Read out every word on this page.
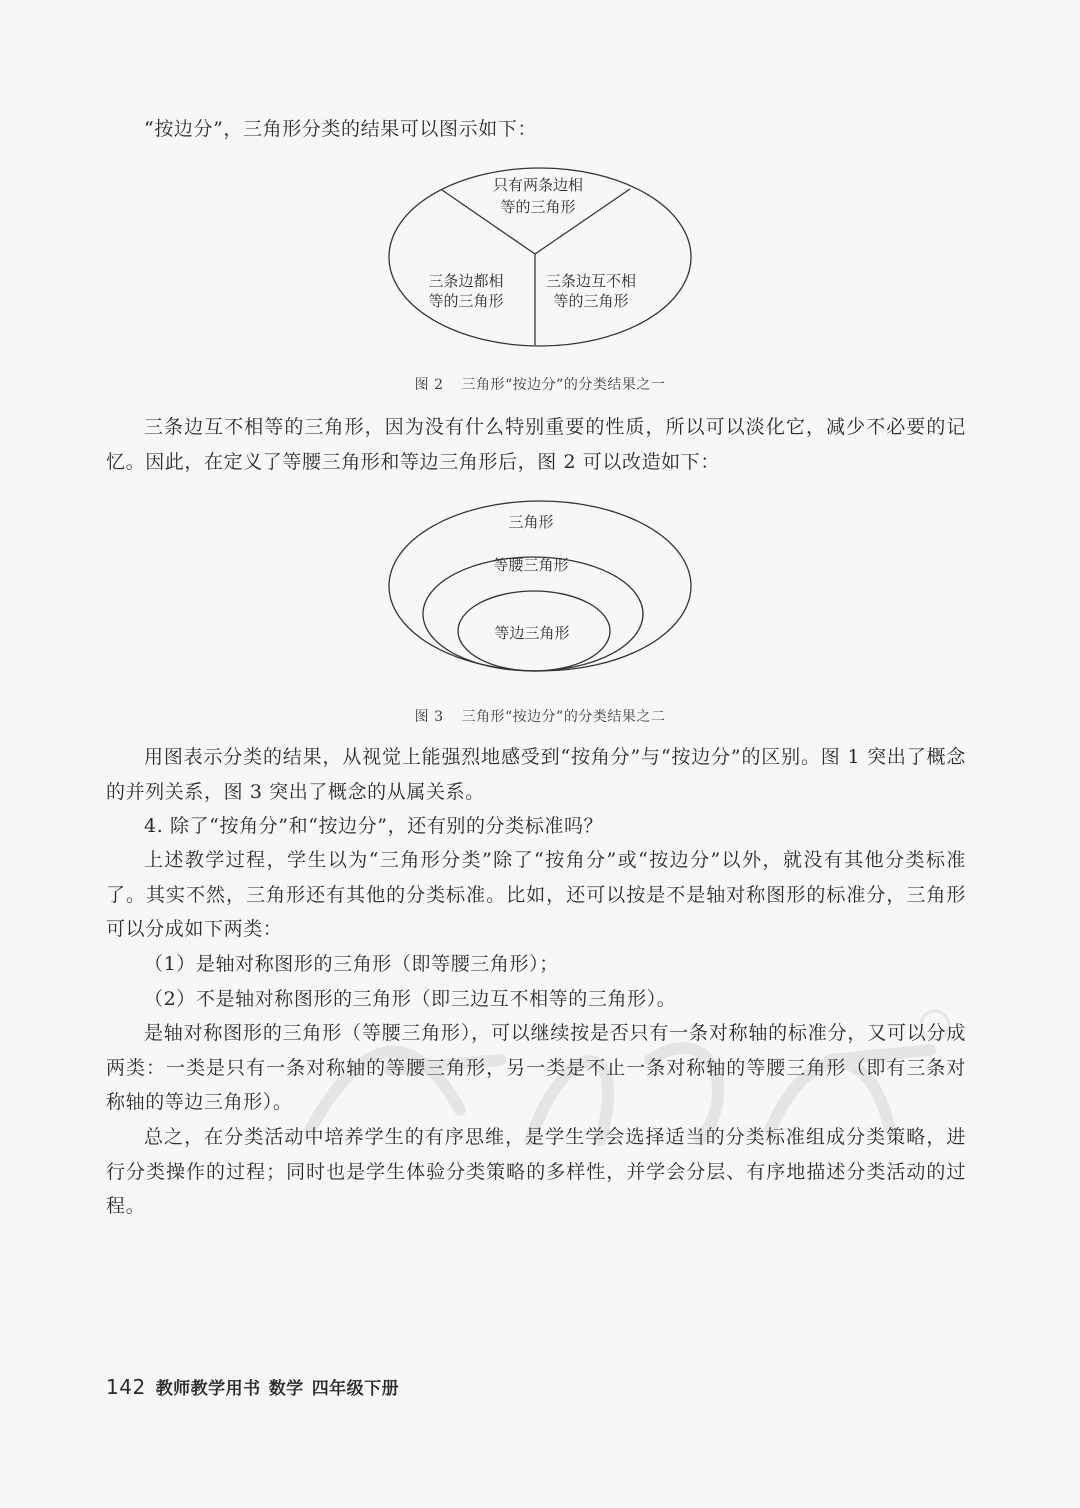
“按边分”，三角形分类的结果可以图示如下：

只有两条边相
等的三角形
三条边都相
等的三角形
三条边互不相
等的三角形
图 2 三角形“按边分”的分类结果之一

三条边互不相等的三角形，因为没有什么特别重要的性质，所以可以淡化它，减少不必要的记忆。因此，在定义了等腰三角形和等边三角形后，图 2 可以改造如下：

三角形
等腰三角形
等边三角形
图 3 三角形“按边分”的分类结果之二

用图表示分类的结果，从视觉上能强烈地感受到“按角分”与“按边分”的区别。图 1 突出了概念的并列关系，图 3 突出了概念的从属关系。

4. 除了“按角分”和“按边分”，还有别的分类标准吗？

上述教学过程，学生以为“三角形分类”除了“按角分”或“按边分”以外，就没有其他分类标准了。其实不然，三角形还有其他的分类标准。比如，还可以按是不是轴对称图形的标准分，三角形可以分成如下两类：

（1）是轴对称图形的三角形（即等腰三角形）；

（2）不是轴对称图形的三角形（即三边互不相等的三角形）。

是轴对称图形的三角形（等腰三角形），可以继续按是否只有一条对称轴的标准分，又可以分成两类：一类是只有一条对称轴的等腰三角形，另一类是不止一条对称轴的等腰三角形（即有三条对称轴的等边三角形）。

总之，在分类活动中培养学生的有序思维，是学生学会选择适当的分类标准组成分类策略，进行分类操作的过程；同时也是学生体验分类策略的多样性，并学会分层、有序地描述分类活动的过程。

142 教师教学用书 数学 四年级下册
